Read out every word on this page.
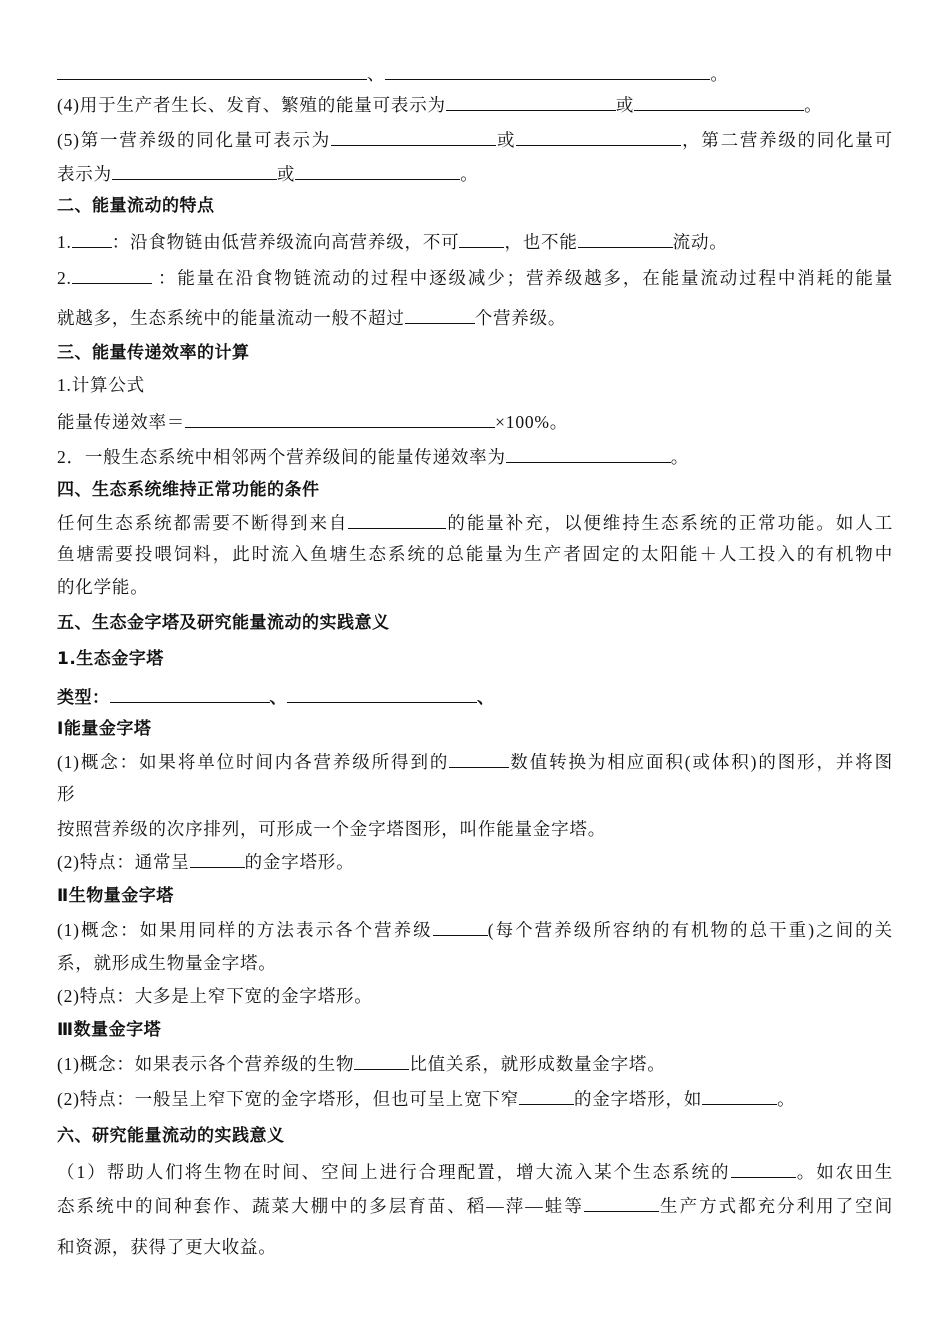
、	。
(4)用于生产者生长、发育、繁殖的能量可表示为	或	。
(5)第一营养级的同化量可表示为	或	，第二营养级的同化量可
表示为	或	。
二、能量流动的特点
1. ：沿食物链由低营养级流向高营养级，不可	，也不能	流动。
2.	：能量在沿食物链流动的过程中逐级减少；营养级越多，在能量流动过程中消耗的能量
就越多，生态系统中的能量流动一般不超过	个营养级。
三、能量传递效率的计算
1.计算公式
能量传递效率＝	×100%。
2．一般生态系统中相邻两个营养级间的能量传递效率为	。
四、生态系统维持正常功能的条件
任何生态系统都需要不断得到来自	的能量补充，以便维持生态系统的正常功能。如人工
鱼塘需要投喂饲料，此时流入鱼塘生态系统的总能量为生产者固定的太阳能＋人工投入的有机物中
的化学能。
五、生态金字塔及研究能量流动的实践意义
1.生态金字塔
类型：	、	、
Ⅰ能量金字塔
(1)概念：如果将单位时间内各营养级所得到的	数值转换为相应面积(或体积)的图形，并将图
形
按照营养级的次序排列，可形成一个金字塔图形，叫作能量金字塔。
(2)特点：通常呈	的金字塔形。
Ⅱ生物量金字塔
(1)概念：如果用同样的方法表示各个营养级	(每个营养级所容纳的有机物的总干重)之间的关
系，就形成生物量金字塔。
(2)特点：大多是上窄下宽的金字塔形。
Ⅲ数量金字塔
(1)概念：如果表示各个营养级的生物	比值关系，就形成数量金字塔。
(2)特点：一般呈上窄下宽的金字塔形，但也可呈上宽下窄	的金字塔形，如	。
六、研究能量流动的实践意义
（1）帮助人们将生物在时间、空间上进行合理配置，增大流入某个生态系统的	。如农田生
态系统中的间种套作、蔬菜大棚中的多层育苗、稻—萍—蛙等	生产方式都充分利用了空间
和资源，获得了更大收益。
